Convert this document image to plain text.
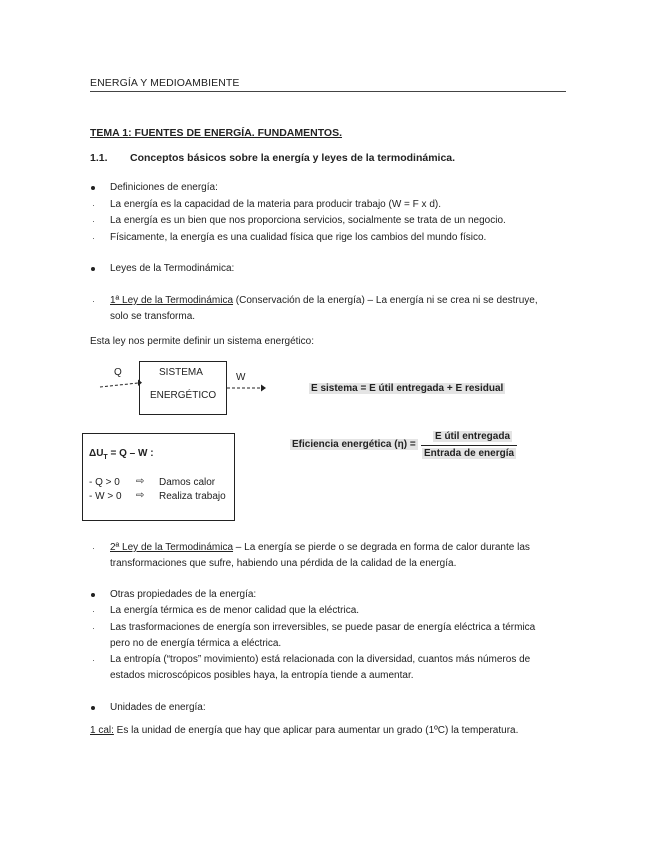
ENERGÍA Y MEDIOAMBIENTE
TEMA 1: FUENTES DE ENERGÍA. FUNDAMENTOS.
1.1. Conceptos básicos sobre la energía y leyes de la termodinámica.
Definiciones de energía:
· La energía es la capacidad de la materia para producir trabajo (W = F x d).
· La energía es un bien que nos proporciona servicios, socialmente se trata de un negocio.
· Físicamente, la energía es una cualidad física que rige los cambios del mundo físico.
Leyes de la Termodinámica:
· 1ª Ley de la Termodinámica (Conservación de la energía) – La energía ni se crea ni se destruye,
solo se transforma.
Esta ley nos permite definir un sistema energético:
Q	SISTEMA
ENERGÉTICO
W
E sistema = E útil entregada + E residual
$\Delta U_T = Q - W$ :
- Q > 0 ⇨ Damos calor
- W > 0 ⇨ Realiza trabajo
Eficiencia energética (η) =
E útil entregada
Entrada de energía
· 2ª Ley de la Termodinámica – La energía se pierde o se degrada en forma de calor durante las
transformaciones que sufre, habiendo una pérdida de la calidad de la energía.
Otras propiedades de la energía:
· La energía térmica es de menor calidad que la eléctrica.
· Las trasformaciones de energía son irreversibles, se puede pasar de energía eléctrica a térmica
pero no de energía térmica a eléctrica.
· La entropía (“tropos” movimiento) está relacionada con la diversidad, cuantos más números de
estados microscópicos posibles haya, la entropía tiende a aumentar.
Unidades de energía:
1 cal: Es la unidad de energía que hay que aplicar para aumentar un grado (1ºC) la temperatura.
